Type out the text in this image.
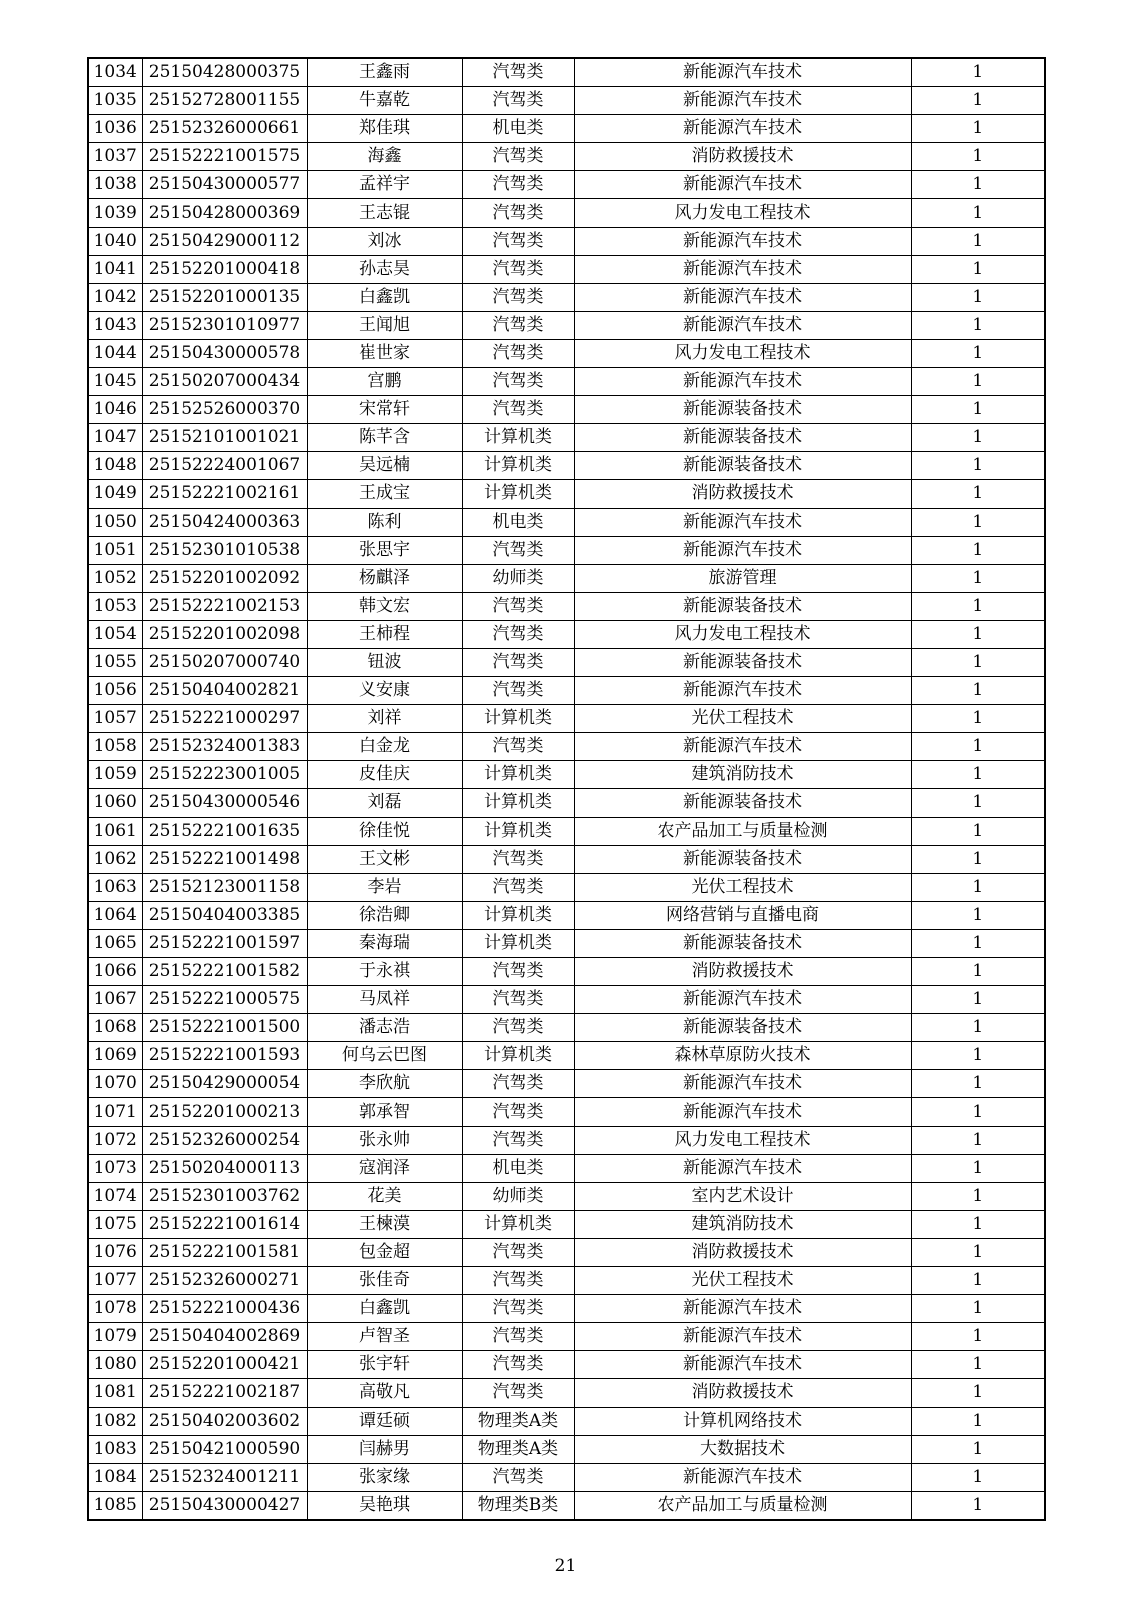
1034	25150428000375	王鑫雨	汽驾类	新能源汽车技术	1
1035	25152728001155	牛嘉乾	汽驾类	新能源汽车技术	1
1036	25152326000661	郑佳琪	机电类	新能源汽车技术	1
1037	25152221001575	海鑫	汽驾类	消防救援技术	1
1038	25150430000577	孟祥宇	汽驾类	新能源汽车技术	1
1039	25150428000369	王志锟	汽驾类	风力发电工程技术	1
1040	25150429000112	刘冰	汽驾类	新能源汽车技术	1
1041	25152201000418	孙志昊	汽驾类	新能源汽车技术	1
1042	25152201000135	白鑫凯	汽驾类	新能源汽车技术	1
1043	25152301010977	王闻旭	汽驾类	新能源汽车技术	1
1044	25150430000578	崔世家	汽驾类	风力发电工程技术	1
1045	25150207000434	宫鹏	汽驾类	新能源汽车技术	1
1046	25152526000370	宋常轩	汽驾类	新能源装备技术	1
1047	25152101001021	陈芊含	计算机类	新能源装备技术	1
1048	25152224001067	吴远楠	计算机类	新能源装备技术	1
1049	25152221002161	王成宝	计算机类	消防救援技术	1
1050	25150424000363	陈利	机电类	新能源汽车技术	1
1051	25152301010538	张思宇	汽驾类	新能源汽车技术	1
1052	25152201002092	杨麒泽	幼师类	旅游管理	1
1053	25152221002153	韩文宏	汽驾类	新能源装备技术	1
1054	25152201002098	王柿程	汽驾类	风力发电工程技术	1
1055	25150207000740	钮波	汽驾类	新能源装备技术	1
1056	25150404002821	义安康	汽驾类	新能源汽车技术	1
1057	25152221000297	刘祥	计算机类	光伏工程技术	1
1058	25152324001383	白金龙	汽驾类	新能源汽车技术	1
1059	25152223001005	皮佳庆	计算机类	建筑消防技术	1
1060	25150430000546	刘磊	计算机类	新能源装备技术	1
1061	25152221001635	徐佳悦	计算机类	农产品加工与质量检测	1
1062	25152221001498	王文彬	汽驾类	新能源装备技术	1
1063	25152123001158	李岩	汽驾类	光伏工程技术	1
1064	25150404003385	徐浩卿	计算机类	网络营销与直播电商	1
1065	25152221001597	秦海瑞	计算机类	新能源装备技术	1
1066	25152221001582	于永祺	汽驾类	消防救援技术	1
1067	25152221000575	马凤祥	汽驾类	新能源汽车技术	1
1068	25152221001500	潘志浩	汽驾类	新能源装备技术	1
1069	25152221001593	何乌云巴图	计算机类	森林草原防火技术	1
1070	25150429000054	李欣航	汽驾类	新能源汽车技术	1
1071	25152201000213	郭承智	汽驾类	新能源汽车技术	1
1072	25152326000254	张永帅	汽驾类	风力发电工程技术	1
1073	25150204000113	寇润泽	机电类	新能源汽车技术	1
1074	25152301003762	花美	幼师类	室内艺术设计	1
1075	25152221001614	王楝漠	计算机类	建筑消防技术	1
1076	25152221001581	包金超	汽驾类	消防救援技术	1
1077	25152326000271	张佳奇	汽驾类	光伏工程技术	1
1078	25152221000436	白鑫凯	汽驾类	新能源汽车技术	1
1079	25150404002869	卢智圣	汽驾类	新能源汽车技术	1
1080	25152201000421	张宇轩	汽驾类	新能源汽车技术	1
1081	25152221002187	高敬凡	汽驾类	消防救援技术	1
1082	25150402003602	谭廷硕	物理类A类	计算机网络技术	1
1083	25150421000590	闫赫男	物理类A类	大数据技术	1
1084	25152324001211	张家缘	汽驾类	新能源汽车技术	1
1085	25150430000427	吴艳琪	物理类B类	农产品加工与质量检测	1
21
